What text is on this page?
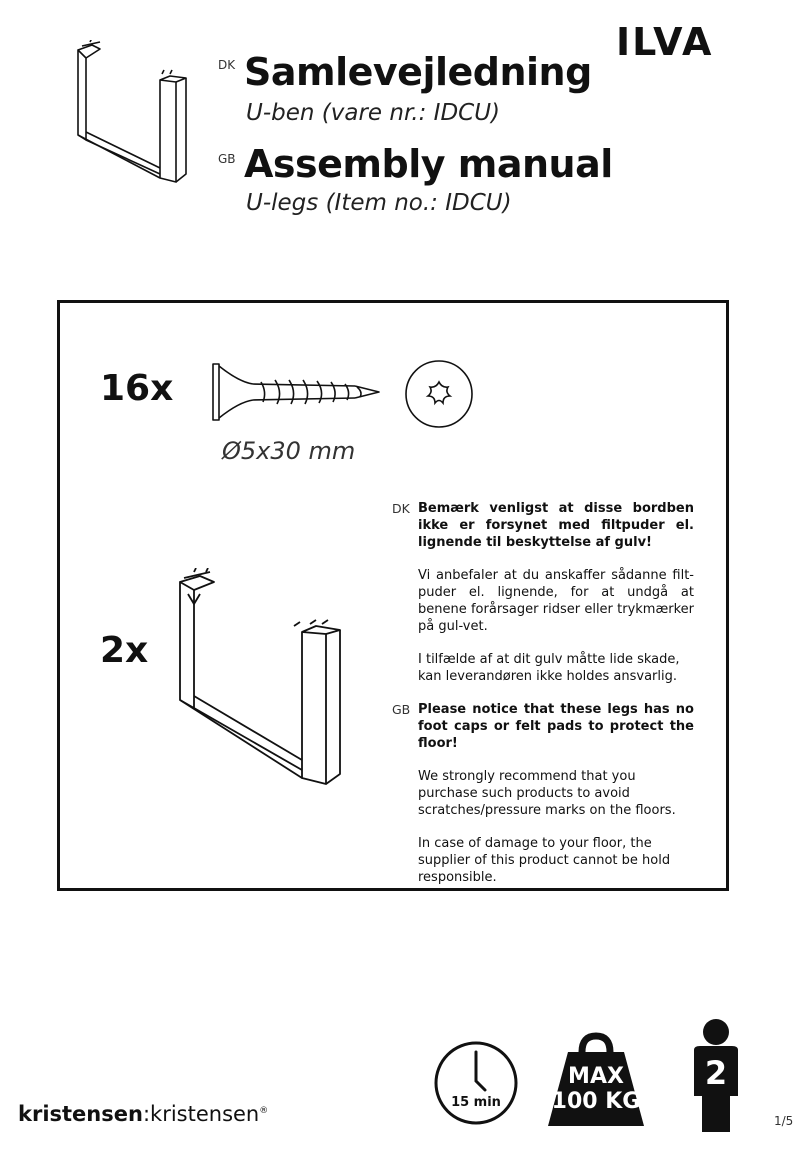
DK Samlevejledning
U-ben (vare nr.: IDCU)
GB Assembly manual
U-legs (Item no.: IDCU)
ILVA
16x
Ø5x30 mm
2x
DK Bemærk venligst at disse bordben ikke er forsynet med filtpuder el. lignende til beskyttelse af gulv!

Vi anbefaler at du anskaffer sådanne filt-puder el. lignende, for at undgå at benene forårsager ridser eller trykmærker på gul-vet.

I tilfælde af at dit gulv måtte lide skade, kan leverandøren ikke holdes ansvarlig.

GB Please notice that these legs has no foot caps or felt pads to protect the floor!

We strongly recommend that you purchase such products to avoid scratches/pressure marks on the floors.

In case of damage to your floor, the supplier of this product cannot be hold responsible.

kristensen:kristensen®
15 min
MAX
100 KG
2
1/5
